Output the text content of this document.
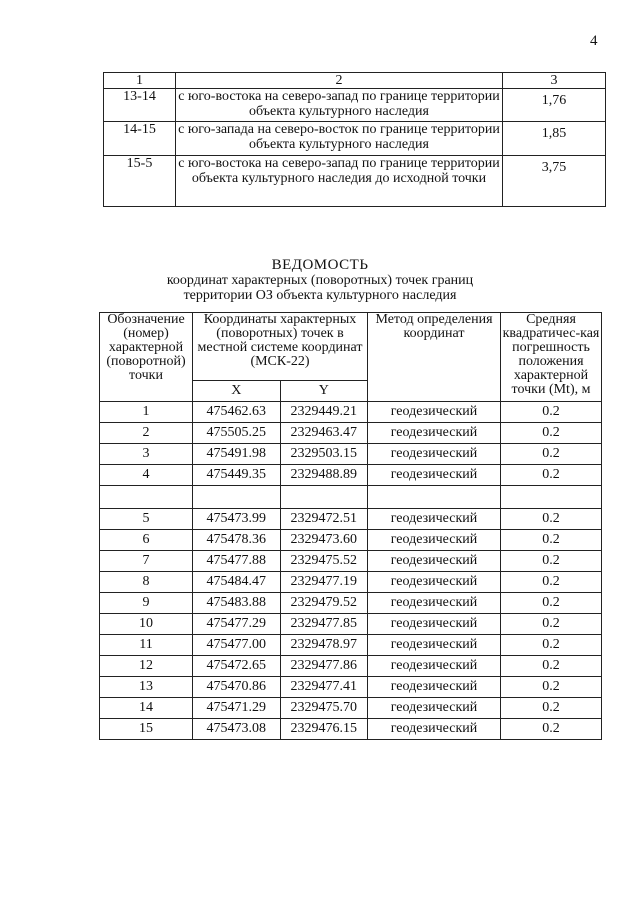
4
1	2	3
13-14	с юго-востока на северо-запад по границе территории объекта культурного наследия	1,76
14-15	с юго-запада на северо-восток по границе территории объекта культурного наследия	1,85
15-5	с юго-востока на северо-запад по границе территории объекта культурного наследия до исходной точки	3,75
ВЕДОМОСТЬ
координат характерных (поворотных) точек границ
территории ОЗ объекта культурного наследия
Обозначение (номер) характерной (поворотной) точки	Координаты характерных (поворотных) точек в местной системе координат (МСК-22)		Метод определения координат	Средняя квадратичес-кая погрешность положения характерной точки (Mt), м
	X	Y		
1	475462.63	2329449.21	геодезический	0.2
2	475505.25	2329463.47	геодезический	0.2
3	475491.98	2329503.15	геодезический	0.2
4	475449.35	2329488.89	геодезический	0.2

5	475473.99	2329472.51	геодезический	0.2
6	475478.36	2329473.60	геодезический	0.2
7	475477.88	2329475.52	геодезический	0.2
8	475484.47	2329477.19	геодезический	0.2
9	475483.88	2329479.52	геодезический	0.2
10	475477.29	2329477.85	геодезический	0.2
11	475477.00	2329478.97	геодезический	0.2
12	475472.65	2329477.86	геодезический	0.2
13	475470.86	2329477.41	геодезический	0.2
14	475471.29	2329475.70	геодезический	0.2
15	475473.08	2329476.15	геодезический	0.2
